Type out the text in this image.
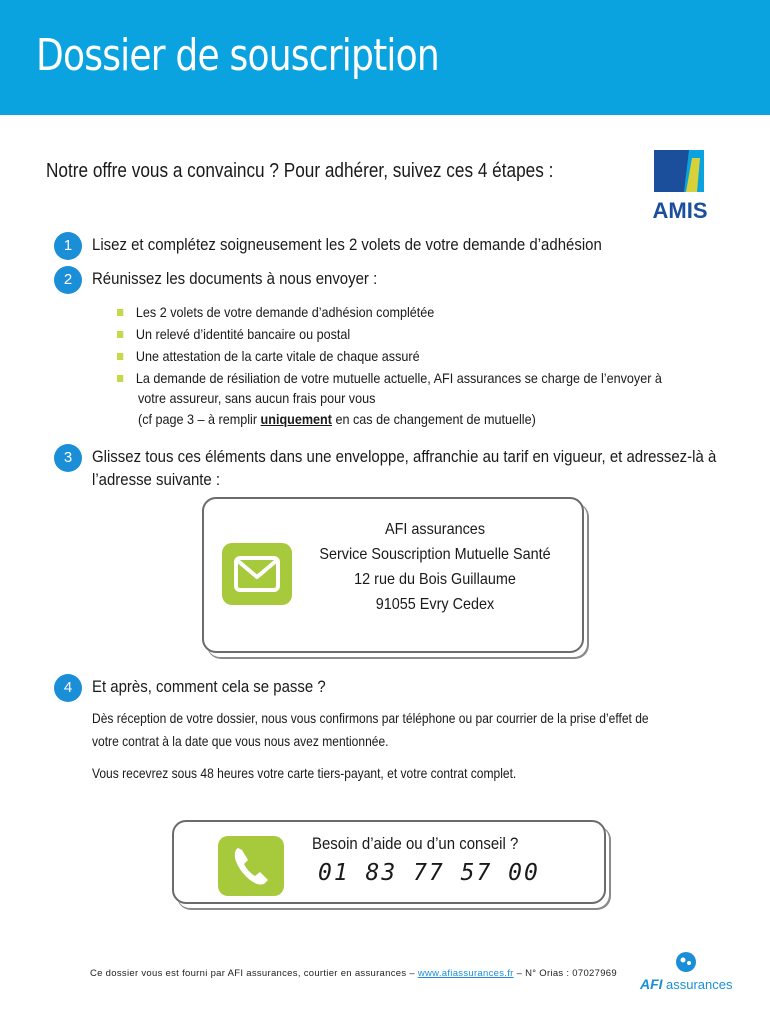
Dossier de souscription
Notre offre vous a convaincu ? Pour adhérer, suivez ces 4 étapes :
AMIS
1	Lisez et complétez soigneusement les 2 volets de votre demande d’adhésion
2	Réunissez les documents à nous envoyer :
Les 2 volets de votre demande d’adhésion complétée
Un relevé d’identité bancaire ou postal
Une attestation de la carte vitale de chaque assuré
La demande de résiliation de votre mutuelle actuelle, AFI assurances se charge de l’envoyer à
votre assureur, sans aucun frais pour vous
(cf page 3 – à remplir uniquement en cas de changement de mutuelle)
3	Glissez tous ces éléments dans une enveloppe, affranchie au tarif en vigueur, et adressez-là à
l’adresse suivante :
AFI assurances
Service Souscription Mutuelle Santé
12 rue du Bois Guillaume
91055 Evry Cedex
4	Et après, comment cela se passe ?
Dès réception de votre dossier, nous vous confirmons par téléphone ou par courrier de la prise d’effet de
votre contrat à la date que vous nous avez mentionnée.
Vous recevrez sous 48 heures votre carte tiers-payant, et votre contrat complet.
Besoin d’aide ou d’un conseil ?
01 83 77 57 00
Ce dossier vous est fourni par AFI assurances, courtier en assurances – www.afiassurances.fr – N° Orias : 07027969
AFI assurances
